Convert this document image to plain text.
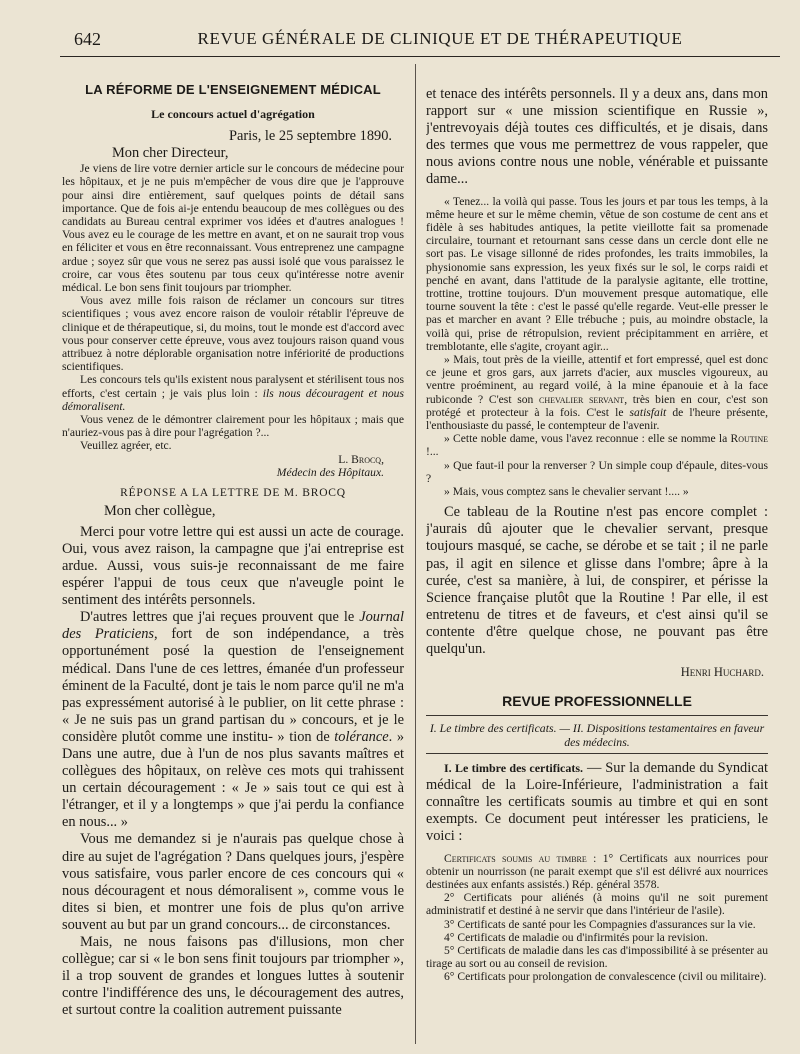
642	REVUE GÉNÉRALE DE CLINIQUE ET DE THÉRAPEUTIQUE
LA RÉFORME DE L'ENSEIGNEMENT MÉDICAL
Le concours actuel d'agrégation

Paris, le 25 septembre 1890.

Mon cher Directeur,

Je viens de lire votre dernier article sur le concours de médecine pour les hôpitaux, et je ne puis m'empêcher de vous dire que je l'approuve pour ainsi dire entièrement, sauf quelques points de détail sans importance. Que de fois ai-je entendu beaucoup de mes collègues ou des candidats au Bureau central exprimer vos idées et d'autres analogues ! Vous avez eu le courage de les mettre en avant, et on ne saurait trop vous en féliciter et vous en être reconnaissant. Vous entreprenez une campagne ardue ; soyez sûr que vous ne serez pas aussi isolé que vous paraissez le croire, car vous êtes soutenu par tous ceux qu'intéresse notre avenir médical. Le bon sens finit toujours par triompher.

Vous avez mille fois raison de réclamer un concours sur titres scientifiques ; vous avez encore raison de vouloir rétablir l'épreuve de clinique et de thérapeutique, si, du moins, tout le monde est d'accord avec vous pour conserver cette épreuve, vous avez toujours raison quand vous attribuez à notre déplorable organisation notre infériorité de productions scientifiques.

Les concours tels qu'ils existent nous paralysent et stérilisent tous nos efforts, c'est certain ; je vais plus loin : ils nous découragent et nous démoralisent.

Vous venez de le démontrer clairement pour les hôpitaux ; mais que n'auriez-vous pas à dire pour l'agrégation ?...

Veuillez agréer, etc.

L. Brocq,
Médecin des Hôpitaux.
RÉPONSE A LA LETTRE DE M. BROCQ

Mon cher collègue,

Merci pour votre lettre qui est aussi un acte de courage. Oui, vous avez raison, la campagne que j'ai entreprise est ardue. Aussi, vous suis-je reconnaissant de me faire espérer l'appui de tous ceux que n'aveugle point le sentiment des intérêts personnels.

D'autres lettres que j'ai reçues prouvent que le Journal des Praticiens, fort de son indépendance, a très opportunément posé la question de l'enseignement médical. Dans l'une de ces lettres, émanée d'un professeur éminent de la Faculté, dont je tais le nom parce qu'il ne m'a pas expressément autorisé à le publier, on lit cette phrase : « Je ne suis pas un grand partisan du » concours, et je le considère plutôt comme une institu- » tion de tolérance. » Dans une autre, due à l'un de nos plus savants maîtres et collègues des hôpitaux, on relève ces mots qui trahissent un certain découragement : « Je » sais tout ce qui est à l'étranger, et il y a longtemps » que j'ai perdu la confiance en nous... »

Vous me demandez si je n'aurais pas quelque chose à dire au sujet de l'agrégation ? Dans quelques jours, j'espère vous satisfaire, vous parler encore de ces concours qui « nous découragent et nous démoralisent », comme vous le dites si bien, et montrer une fois de plus qu'on arrive souvent au but par un grand concours... de circonstances.

Mais, ne nous faisons pas d'illusions, mon cher collègue; car si « le bon sens finit toujours par triompher », il a trop souvent de grandes et longues luttes à soutenir contre l'indifférence des uns, le découragement des autres, et surtout contre la coalition autrement puissante

et tenace des intérêts personnels. Il y a deux ans, dans mon rapport sur « une mission scientifique en Russie », j'entrevoyais déjà toutes ces difficultés, et je disais, dans des termes que vous me permettrez de vous rappeler, que nous avions contre nous une noble, vénérable et puissante dame...

« Tenez... la voilà qui passe. Tous les jours et par tous les temps, à la même heure et sur le même chemin, vêtue de son costume de cent ans et fidèle à ses habitudes antiques, la petite vieillotte fait sa promenade circulaire, tournant et retournant sans cesse dans un cercle dont elle ne sort pas. Le visage sillonné de rides profondes, les traits immobiles, la physionomie sans expression, les yeux fixés sur le sol, le corps raidi et penché en avant, dans l'attitude de la paralysie agitante, elle trottine, trottine, trottine toujours. D'un mouvement presque automatique, elle tourne souvent la tête : c'est le passé qu'elle regarde. Veut-elle presser le pas et marcher en avant ? Elle trébuche ; puis, au moindre obstacle, la voilà qui, prise de rétropulsion, revient précipitamment en arrière, et tremblotante, elle s'agite, croyant agir...

» Mais, tout près de la vieille, attentif et fort empressé, quel est donc ce jeune et gros gars, aux jarrets d'acier, aux muscles vigoureux, au ventre proéminent, au regard voilé, à la mine épanouie et à la face rubiconde ? C'est son chevalier servant, très bien en cour, c'est son protégé et protecteur à la fois. C'est le satisfait de l'heure présente, l'enthousiaste du passé, le contempteur de l'avenir.

» Cette noble dame, vous l'avez reconnue : elle se nomme la Routine !...

» Que faut-il pour la renverser ? Un simple coup d'épaule, dites-vous ?

» Mais, vous comptez sans le chevalier servant !.... »

Ce tableau de la Routine n'est pas encore complet : j'aurais dû ajouter que le chevalier servant, presque toujours masqué, se cache, se dérobe et se tait ; il ne parle pas, il agit en silence et glisse dans l'ombre; âpre à la curée, c'est sa manière, à lui, de conspirer, et périsse la Science française plutôt que la Routine ! Par elle, il est entretenu de titres et de faveurs, et c'est ainsi qu'il se contente d'être quelque chose, ne pouvant pas être quelqu'un.

Henri Huchard.

REVUE PROFESSIONNELLE

I. Le timbre des certificats. — II. Dispositions testamentaires en faveur des médecins.

I. Le timbre des certificats. — Sur la demande du Syndicat médical de la Loire-Inférieure, l'administration a fait connaître les certificats soumis au timbre et qui en sont exempts. Ce document peut intéresser les praticiens, le voici :

Certificats soumis au timbre : 1° Certificats aux nourrices pour obtenir un nourrisson (ne parait exempt que s'il est délivré aux nourrices destinées aux enfants assistés.) Rép. général 3578.

2° Certificats pour aliénés (à moins qu'il ne soit purement administratif et destiné à ne servir que dans l'intérieur de l'asile).

3° Certificats de santé pour les Compagnies d'assurances sur la vie.

4° Certificats de maladie ou d'infirmités pour la revision.

5° Certificats de maladie dans les cas d'impossibilité à se présenter au tirage au sort ou au conseil de revision.

6° Certificats pour prolongation de convalescence (civil ou militaire).
